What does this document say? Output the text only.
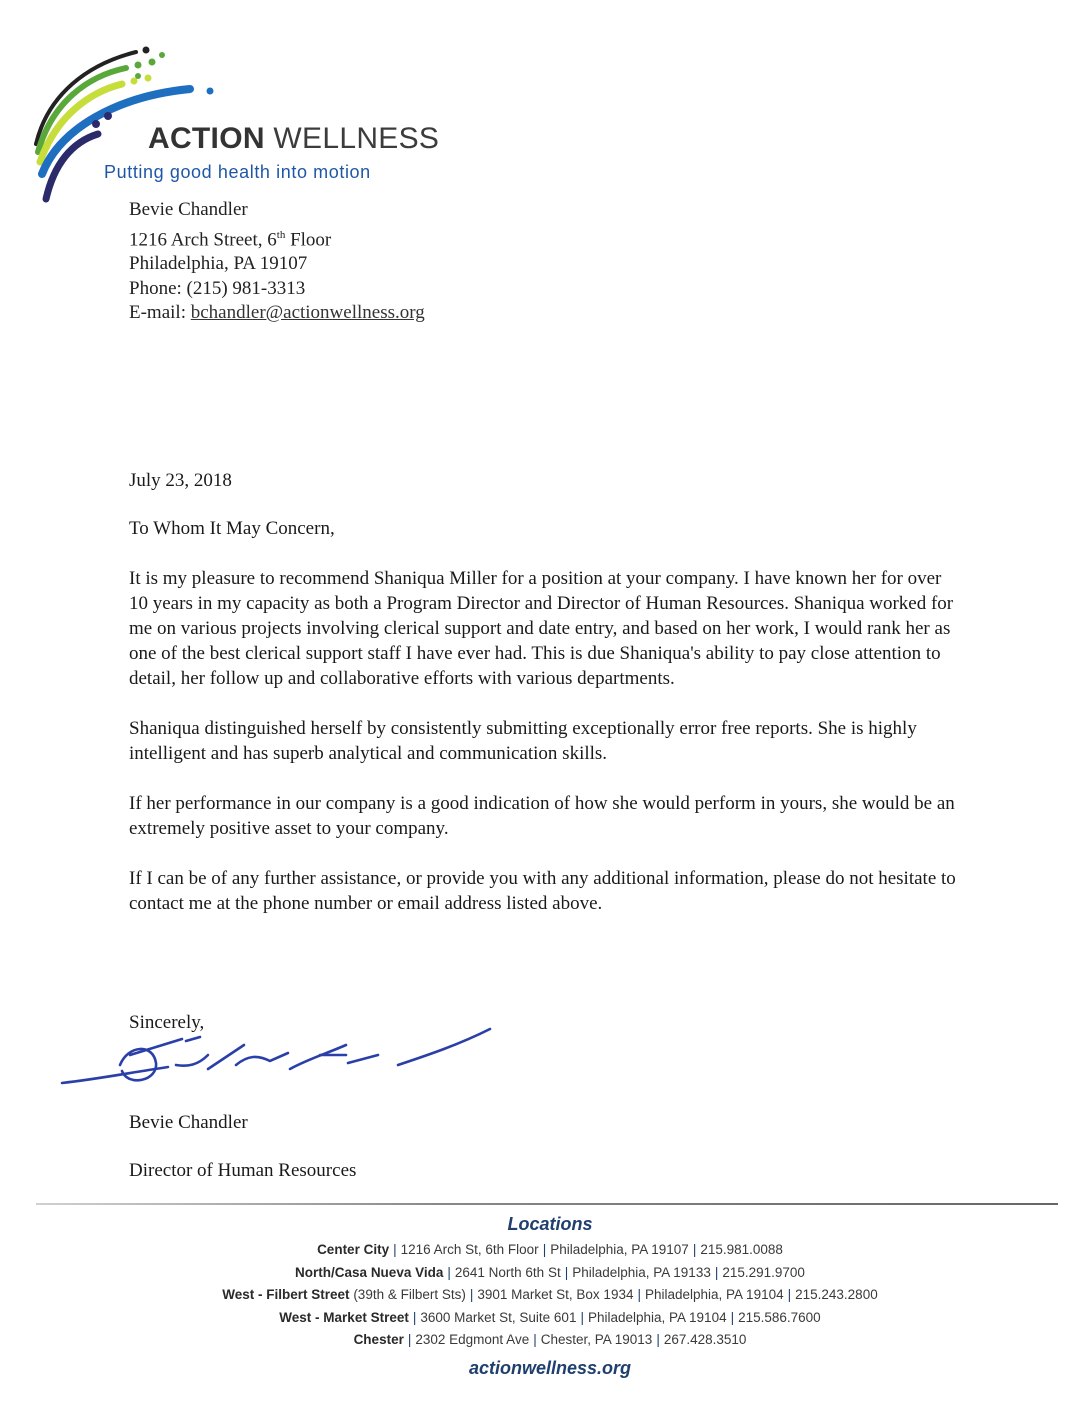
ACTION WELLNESS
Putting good health into motion
Bevie Chandler
1216 Arch Street, 6th Floor
Philadelphia, PA 19107
Phone: (215) 981-3313
E-mail: bchandler@actionwellness.org
July 23, 2018
To Whom It May Concern,

It is my pleasure to recommend Shaniqua Miller for a position at your company. I have known her for over 10 years in my capacity as both a Program Director and Director of Human Resources. Shaniqua worked for me on various projects involving clerical support and date entry, and based on her work, I would rank her as one of the best clerical support staff I have ever had. This is due Shaniqua's ability to pay close attention to detail, her follow up and collaborative efforts with various departments.

Shaniqua distinguished herself by consistently submitting exceptionally error free reports. She is highly intelligent and has superb analytical and communication skills.

If her performance in our company is a good indication of how she would perform in yours, she would be an extremely positive asset to your company.

If I can be of any further assistance, or provide you with any additional information, please do not hesitate to contact me at the phone number or email address listed above.

Sincerely,
Bevie Chandler
Director of Human Resources
Locations
Center City | 1216 Arch St, 6th Floor | Philadelphia, PA 19107 | 215.981.0088
North/Casa Nueva Vida | 2641 North 6th St | Philadelphia, PA 19133 | 215.291.9700
West - Filbert Street (39th & Filbert Sts) | 3901 Market St, Box 1934 | Philadelphia, PA 19104 | 215.243.2800
West - Market Street | 3600 Market St, Suite 601 | Philadelphia, PA 19104 | 215.586.7600
Chester | 2302 Edgmont Ave | Chester, PA 19013 | 267.428.3510
actionwellness.org
